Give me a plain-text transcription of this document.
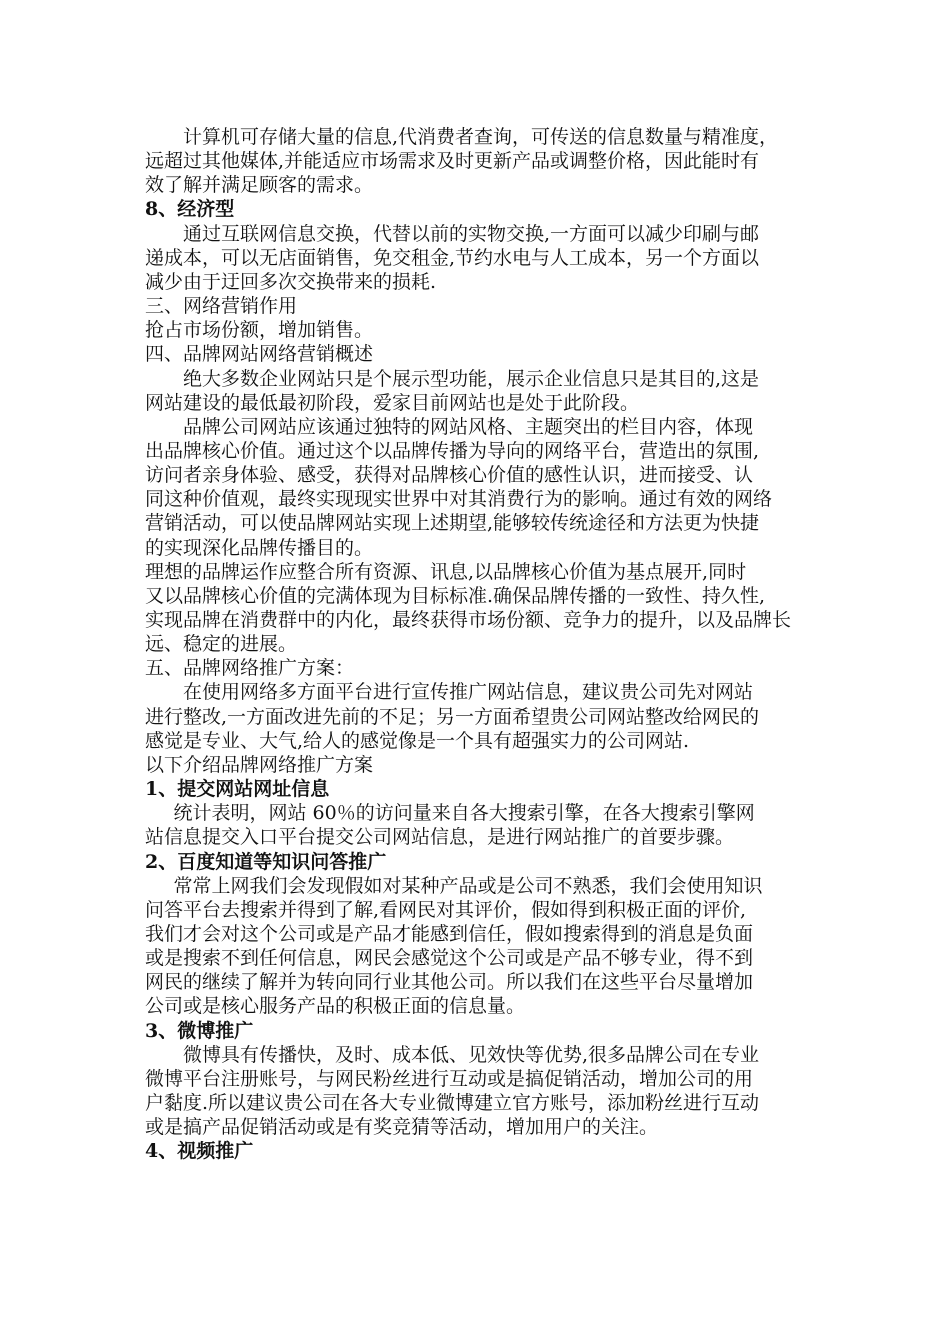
计算机可存储大量的信息,代消费者查询，可传送的信息数量与精准度，
远超过其他媒体,并能适应市场需求及时更新产品或调整价格，因此能时有
效了解并满足顾客的需求。
8、经济型
通过互联网信息交换，代替以前的实物交换,一方面可以减少印刷与邮
递成本，可以无店面销售，免交租金,节约水电与人工成本，另一个方面以
减少由于迂回多次交换带来的损耗.
三、网络营销作用
抢占市场份额，增加销售。
四、品牌网站网络营销概述
绝大多数企业网站只是个展示型功能，展示企业信息只是其目的,这是
网站建设的最低最初阶段，爱家目前网站也是处于此阶段。
品牌公司网站应该通过独特的网站风格、主题突出的栏目内容，体现
出品牌核心价值。通过这个以品牌传播为导向的网络平台，营造出的氛围,
访问者亲身体验、感受，获得对品牌核心价值的感性认识，进而接受、认
同这种价值观，最终实现现实世界中对其消费行为的影响。通过有效的网络
营销活动，可以使品牌网站实现上述期望,能够较传统途径和方法更为快捷
的实现深化品牌传播目的。
理想的品牌运作应整合所有资源、讯息,以品牌核心价值为基点展开,同时
又以品牌核心价值的完满体现为目标标准.确保品牌传播的一致性、持久性,
实现品牌在消费群中的内化，最终获得市场份额、竞争力的提升，以及品牌长
远、稳定的进展。
五、品牌网络推广方案：
在使用网络多方面平台进行宣传推广网站信息，建议贵公司先对网站
进行整改,一方面改进先前的不足；另一方面希望贵公司网站整改给网民的
感觉是专业、大气,给人的感觉像是一个具有超强实力的公司网站.
以下介绍品牌网络推广方案
1、提交网站网址信息
统计表明，网站 60％的访问量来自各大搜索引擎，在各大搜索引擎网
站信息提交入口平台提交公司网站信息，是进行网站推广的首要步骤。
2、百度知道等知识问答推广
常常上网我们会发现假如对某种产品或是公司不熟悉，我们会使用知识
问答平台去搜索并得到了解,看网民对其评价，假如得到积极正面的评价,
我们才会对这个公司或是产品才能感到信任，假如搜索得到的消息是负面
或是搜索不到任何信息，网民会感觉这个公司或是产品不够专业，得不到
网民的继续了解并为转向同行业其他公司。所以我们在这些平台尽量增加
公司或是核心服务产品的积极正面的信息量。
3、微博推广
微博具有传播快，及时、成本低、见效快等优势,很多品牌公司在专业
微博平台注册账号，与网民粉丝进行互动或是搞促销活动，增加公司的用
户黏度.所以建议贵公司在各大专业微博建立官方账号，添加粉丝进行互动
或是搞产品促销活动或是有奖竞猜等活动，增加用户的关注。
4、视频推广
